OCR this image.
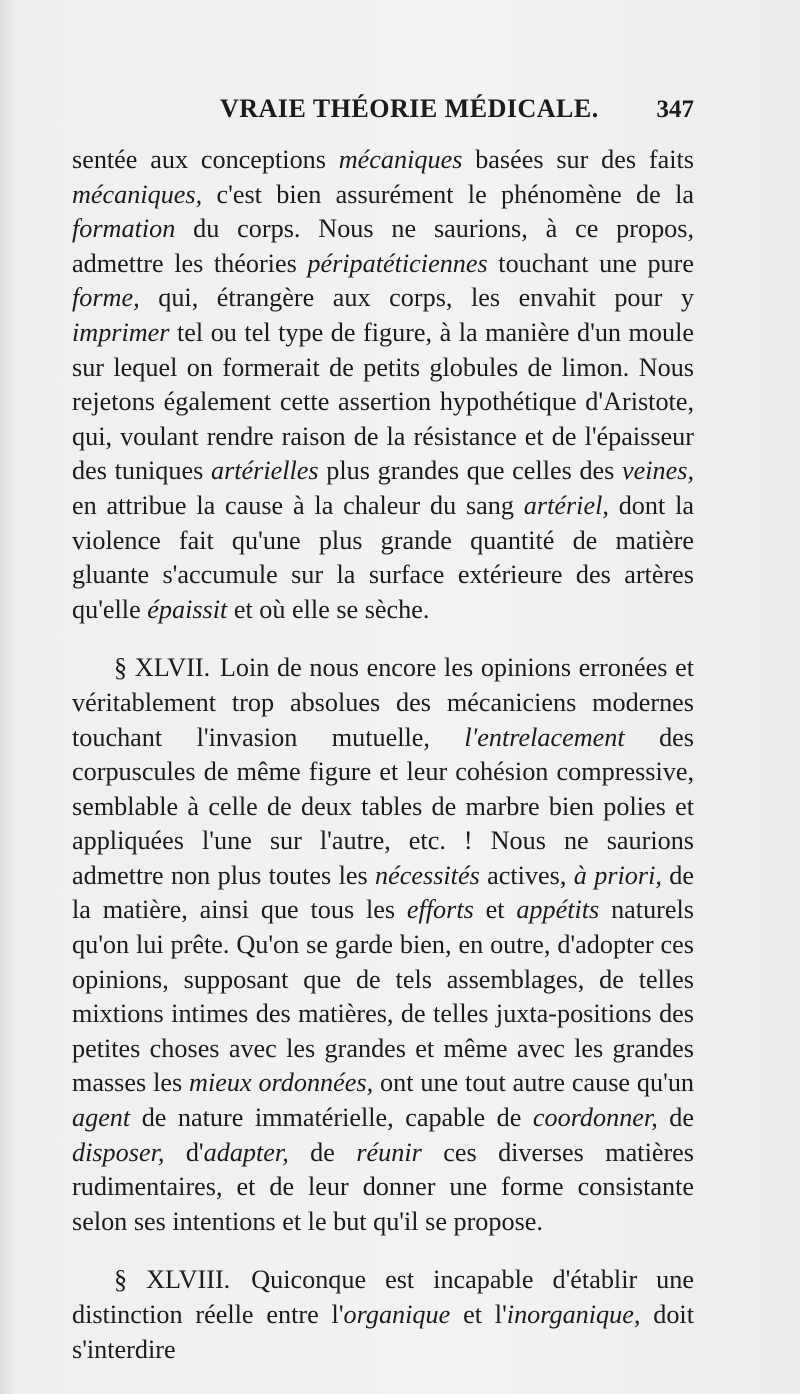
VRAIE THÉORIE MÉDICALE. 347

sentée aux conceptions mécaniques basées sur des faits mécaniques, c'est bien assurément le phénomène de la formation du corps. Nous ne saurions, à ce propos, admettre les théories péripatéticiennes touchant une pure forme, qui, étrangère aux corps, les envahit pour y imprimer tel ou tel type de figure, à la manière d'un moule sur lequel on formerait de petits globules de limon. Nous rejetons également cette assertion hypothétique d'Aristote, qui, voulant rendre raison de la résistance et de l'épaisseur des tuniques artérielles plus grandes que celles des veines, en attribue la cause à la chaleur du sang artériel, dont la violence fait qu'une plus grande quantité de matière gluante s'accumule sur la surface extérieure des artères qu'elle épaissit et où elle se sèche.

§ XLVII. Loin de nous encore les opinions erronées et véritablement trop absolues des mécaniciens modernes touchant l'invasion mutuelle, l'entrelacement des corpuscules de même figure et leur cohésion compressive, semblable à celle de deux tables de marbre bien polies et appliquées l'une sur l'autre, etc. ! Nous ne saurions admettre non plus toutes les nécessités actives, à priori, de la matière, ainsi que tous les efforts et appétits naturels qu'on lui prête. Qu'on se garde bien, en outre, d'adopter ces opinions, supposant que de tels assemblages, de telles mixtions intimes des matières, de telles juxta-positions des petites choses avec les grandes et même avec les grandes masses les mieux ordonnées, ont une tout autre cause qu'un agent de nature immatérielle, capable de coordonner, de disposer, d'adapter, de réunir ces diverses matières rudimentaires, et de leur donner une forme consistante selon ses intentions et le but qu'il se propose.

§ XLVIII. Quiconque est incapable d'établir une distinction réelle entre l'organique et l'inorganique, doit s'interdire
